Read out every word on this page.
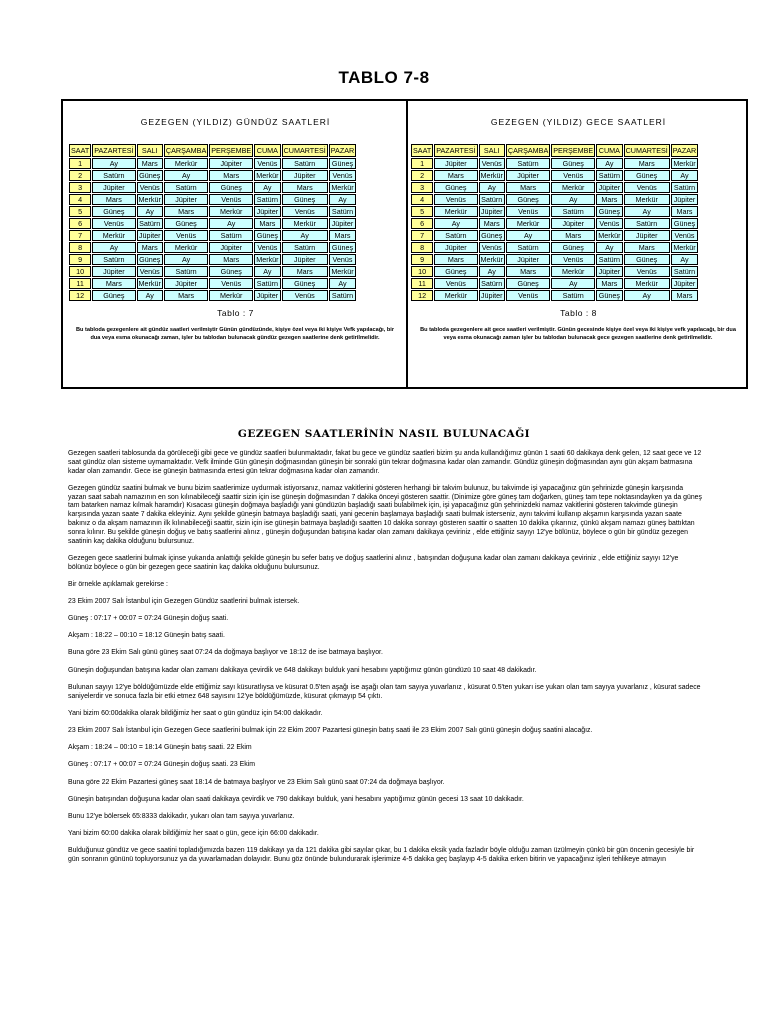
TABLO 7-8
GEZEGEN (YILDIZ) GÜNDÜZ SAATLERİ
SAAT	PAZARTESİ	SALI	ÇARŞAMBA	PERŞEMBE	CUMA	CUMARTESİ	PAZAR
1	Ay	Mars	Merkür	Jüpiter	Venüs	Satürn	Güneş
2	Satürn	Güneş	Ay	Mars	Merkür	Jüpiter	Venüs
3	Jüpiter	Venüs	Satürn	Güneş	Ay	Mars	Merkür
4	Mars	Merkür	Jüpiter	Venüs	Satürn	Güneş	Ay
5	Güneş	Ay	Mars	Merkür	Jüpiter	Venüs	Satürn
6	Venüs	Satürn	Güneş	Ay	Mars	Merkür	Jüpiter
7	Merkür	Jüpiter	Venüs	Satürn	Güneş	Ay	Mars
8	Ay	Mars	Merkür	Jüpiter	Venüs	Satürn	Güneş
9	Satürn	Güneş	Ay	Mars	Merkür	Jüpiter	Venüs
10	Jüpiter	Venüs	Satürn	Güneş	Ay	Mars	Merkür
11	Mars	Merkür	Jüpiter	Venüs	Satürn	Güneş	Ay
12	Güneş	Ay	Mars	Merkür	Jüpiter	Venüs	Satürn
Tablo : 7
Bu tabloda gezegenlere ait gündüz saatleri verilmiştir Günün gündüzünde, kişiye özel veya iki kişiye Vefk yapılacağı, bir dua veya esma okunacağı zaman, işler bu tablodan bulunacak gündüz gezegen saatlerine denk getirilmelidir.
GEZEGEN (YILDIZ) GECE SAATLERİ
SAAT	PAZARTESİ	SALI	ÇARŞAMBA	PERŞEMBE	CUMA	CUMARTESİ	PAZAR
1	Jüpiter	Venüs	Satürn	Güneş	Ay	Mars	Merkür
2	Mars	Merkür	Jüpiter	Venüs	Satürn	Güneş	Ay
3	Güneş	Ay	Mars	Merkür	Jüpiter	Venüs	Satürn
4	Venüs	Satürn	Güneş	Ay	Mars	Merkür	Jüpiter
5	Merkür	Jüpiter	Venüs	Satürn	Güneş	Ay	Mars
6	Ay	Mars	Merkür	Jüpiter	Venüs	Satürn	Güneş
7	Satürn	Güneş	Ay	Mars	Merkür	Jüpiter	Venüs
8	Jüpiter	Venüs	Satürn	Güneş	Ay	Mars	Merkür
9	Mars	Merkür	Jüpiter	Venüs	Satürn	Güneş	Ay
10	Güneş	Ay	Mars	Merkür	Jüpiter	Venüs	Satürn
11	Venüs	Satürn	Güneş	Ay	Mars	Merkür	Jüpiter
12	Merkür	Jüpiter	Venüs	Satürn	Güneş	Ay	Mars
Tablo : 8
Bu tabloda gezegenlere ait gece saatleri verilmiştir. Günün gecesinde kişiye özel veya iki kişiye vefk yapılacağı, bir dua veya esma okunacağı zaman işler bu tablodan bulunacak gece gezegen saatlerine denk getirilmelidir.
GEZEGEN SAATLERİNİN NASIL BULUNACAĞI

Gezegen saatleri tablosunda da görüleceği gibi gece ve gündüz saatleri bulunmaktadır, fakat bu gece ve gündüz saatleri bizim şu anda kullandığımız günün 1 saati 60 dakikaya denk gelen, 12 saat gece ve 12 saat gündüz olan sisteme uymamaktadır. Vefk ilminde Gün güneşin doğmasından güneşin bir sonraki gün tekrar doğmasına kadar olan zamandır. Gündüz güneşin doğmasından aynı gün akşam batmasına kadar olan zamandır. Gece ise güneşin batmasında ertesi gün tekrar doğmasına kadar olan zamandır.

Gezegen gündüz saatini bulmak ve bunu bizim saatlerimize uydurmak istiyorsanız, namaz vakitlerini gösteren herhangi bir takvim bulunuz, bu takvimde işi yapacağınız gün şehrinizde güneşin karşısında yazan saat sabah namazının en son kılınabileceği saattir sizin için ise güneşin doğmasından 7 dakika önceyi gösteren saattir. (Dinimize göre güneş tam doğarken, güneş tam tepe noktasındayken ya da güneş tam batarken namaz kılmak haramdır) Kısacası güneşin doğmaya başladığı yani gündüzün başladığı saati bulabilmek için, işi yapacağınız gün şehrinizdeki namaz vakitlerini gösteren takvimde güneşin karşısında yazan saate 7 dakika ekleyiniz. Aynı şekilde güneşin batmaya başladığı saati, yani gecenin başlamaya başladığı saati bulmak isterseniz, aynı takvimi kullanıp akşamın karşısında yazan saate bakınız o da akşam namazının ilk kılınabileceği saattir, sizin için ise güneşin batmaya başladığı saatten 10 dakika sonrayı gösteren saattir o saatten 10 dakika çıkarınız, çünkü akşam namazı güneş battıktan sonra kılınır. Bu şekilde güneşin doğuş ve batış saatlerini alınız , güneşin doğuşundan batışına kadar olan zamanı dakikaya çeviriniz , elde ettiğiniz sayıyı 12'ye bölünüz, böylece o gün bir gündüz gezegen saatinin kaç dakika olduğunu bulursunuz.

Gezegen gece saatlerini bulmak içinse yukarıda anlattığı şekilde güneşin bu sefer batış ve doğuş saatlerini alınız , batışından doğuşuna kadar olan zamanı dakikaya çeviriniz , elde ettiğiniz sayıyı 12'ye bölünüz böylece o gün bir gezegen gece saatinin kaç dakika olduğunu bulursunuz.

Bir örnekle açıklamak gerekirse :

23 Ekim 2007 Salı İstanbul için Gezegen Gündüz saatlerini bulmak istersek.

Güneş : 07:17 + 00:07 = 07:24 Güneşin doğuş saati.

Akşam : 18:22 – 00:10 = 18:12 Güneşin batış saati.

Buna göre 23 Ekim Salı günü güneş saat 07:24 da doğmaya başlıyor ve 18:12 de ise batmaya başlıyor.

Güneşin doğuşundan batışına kadar olan zamanı dakikaya çevirdik ve 648 dakikayı bulduk yani hesabını yaptığımız günün gündüzü 10 saat 48 dakikadır.

Bulunan sayıyı 12'ye böldüğümüzde elde ettiğimiz sayı küsuratlıysa ve küsurat 0.5'ten aşağı ise aşağı olan tam sayıya yuvarlanız , küsurat 0.5'ten yukarı ise yukarı olan tam sayıya yuvarlanız , küsurat sadece saniyelerdir ve sonuca fazla bir etki etmez 648 sayısını 12'ye böldüğümüzde, küsurat çıkmayıp 54 çıktı.

Yani bizim 60:00dakika olarak bildiğimiz her saat o gün gündüz için 54:00 dakikadır.

23 Ekim 2007 Salı İstanbul için Gezegen Gece saatlerini bulmak için 22 Ekim 2007 Pazartesi güneşin batış saati ile 23 Ekim 2007 Salı günü güneşin doğuş saatini alacağız.

Akşam : 18:24 – 00:10 = 18:14 Güneşin batış saati. 22 Ekim

Güneş : 07:17 + 00:07 = 07:24 Güneşin doğuş saati. 23 Ekim

Buna göre 22 Ekim Pazartesi güneş saat 18:14 de batmaya başlıyor ve 23 Ekim Salı günü saat 07:24 da doğmaya başlıyor.

Güneşin batışından doğuşuna kadar olan saati dakikaya çevirdik ve 790 dakikayı bulduk, yani hesabını yaptığımız günün gecesi 13 saat 10 dakikadır.

Bunu 12'ye bölersek 65:8333 dakikadır, yukarı olan tam sayıya yuvarlanız.

Yani bizim 60:00 dakika olarak bildiğimiz her saat o gün, gece için 66:00 dakikadır.

Bulduğunuz gündüz ve gece saatini topladığımızda bazen 119 dakikayı ya da 121 dakika gibi sayılar çıkar, bu 1 dakika eksik yada fazladır böyle olduğu zaman üzülmeyin çünkü bir gün öncenin gecesiyle bir gün sonranın gününü topluyorsunuz ya da yuvarlamadan dolayıdır. Bunu göz önünde bulundurarak işlerimize 4-5 dakika geç başlayıp 4-5 dakika erken bitirin ve yapacağınız işleri tehlikeye atmayın
